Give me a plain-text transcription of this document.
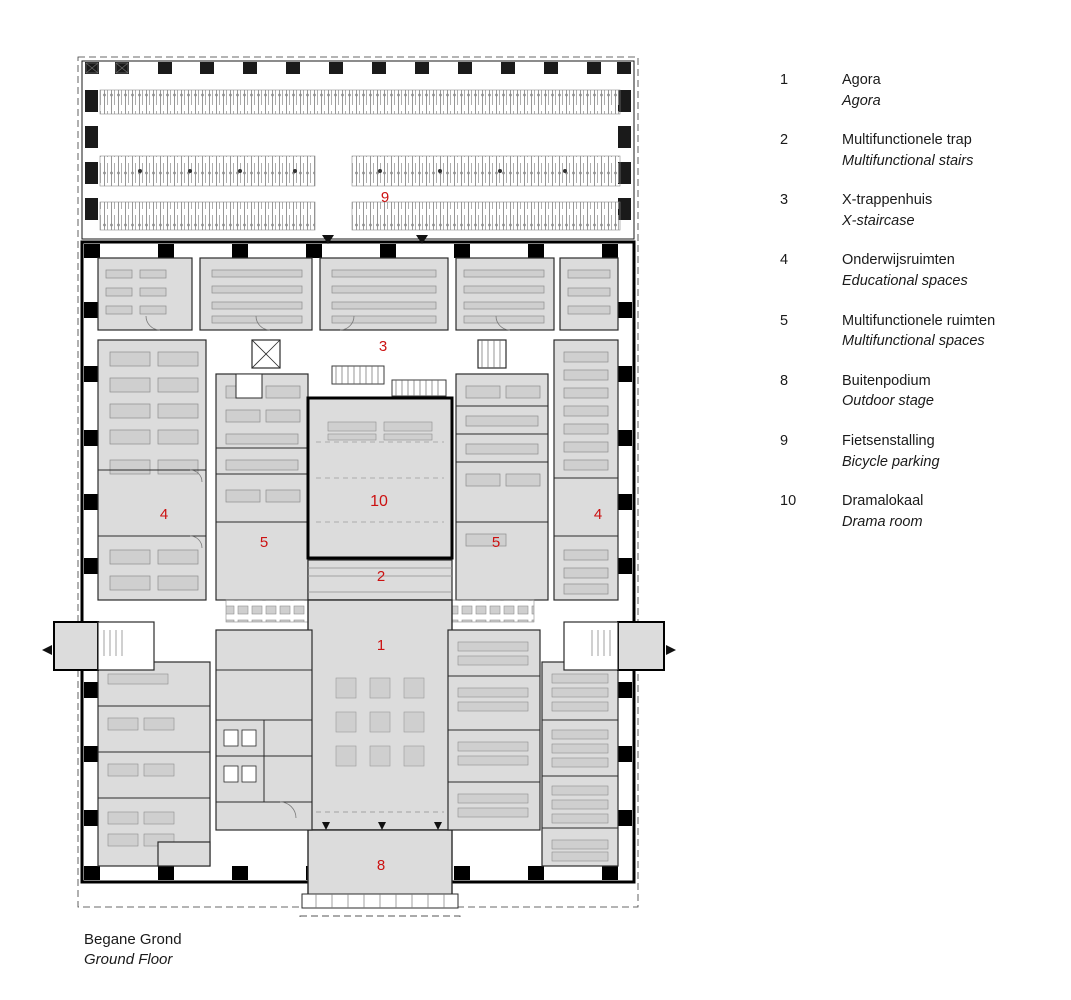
9
3
10
4	4
5	5
2
1
8
Begane Grond
Ground Floor
1	Agora
Agora
2	Multifunctionele trap
Multifunctional stairs
3	X-trappenhuis
X-staircase
4	Onderwijsruimten
Educational spaces
5	Multifunctionele ruimten
Multifunctional spaces
8	Buitenpodium
Outdoor stage
9	Fietsenstalling
Bicycle parking
10	Dramalokaal
Drama room
